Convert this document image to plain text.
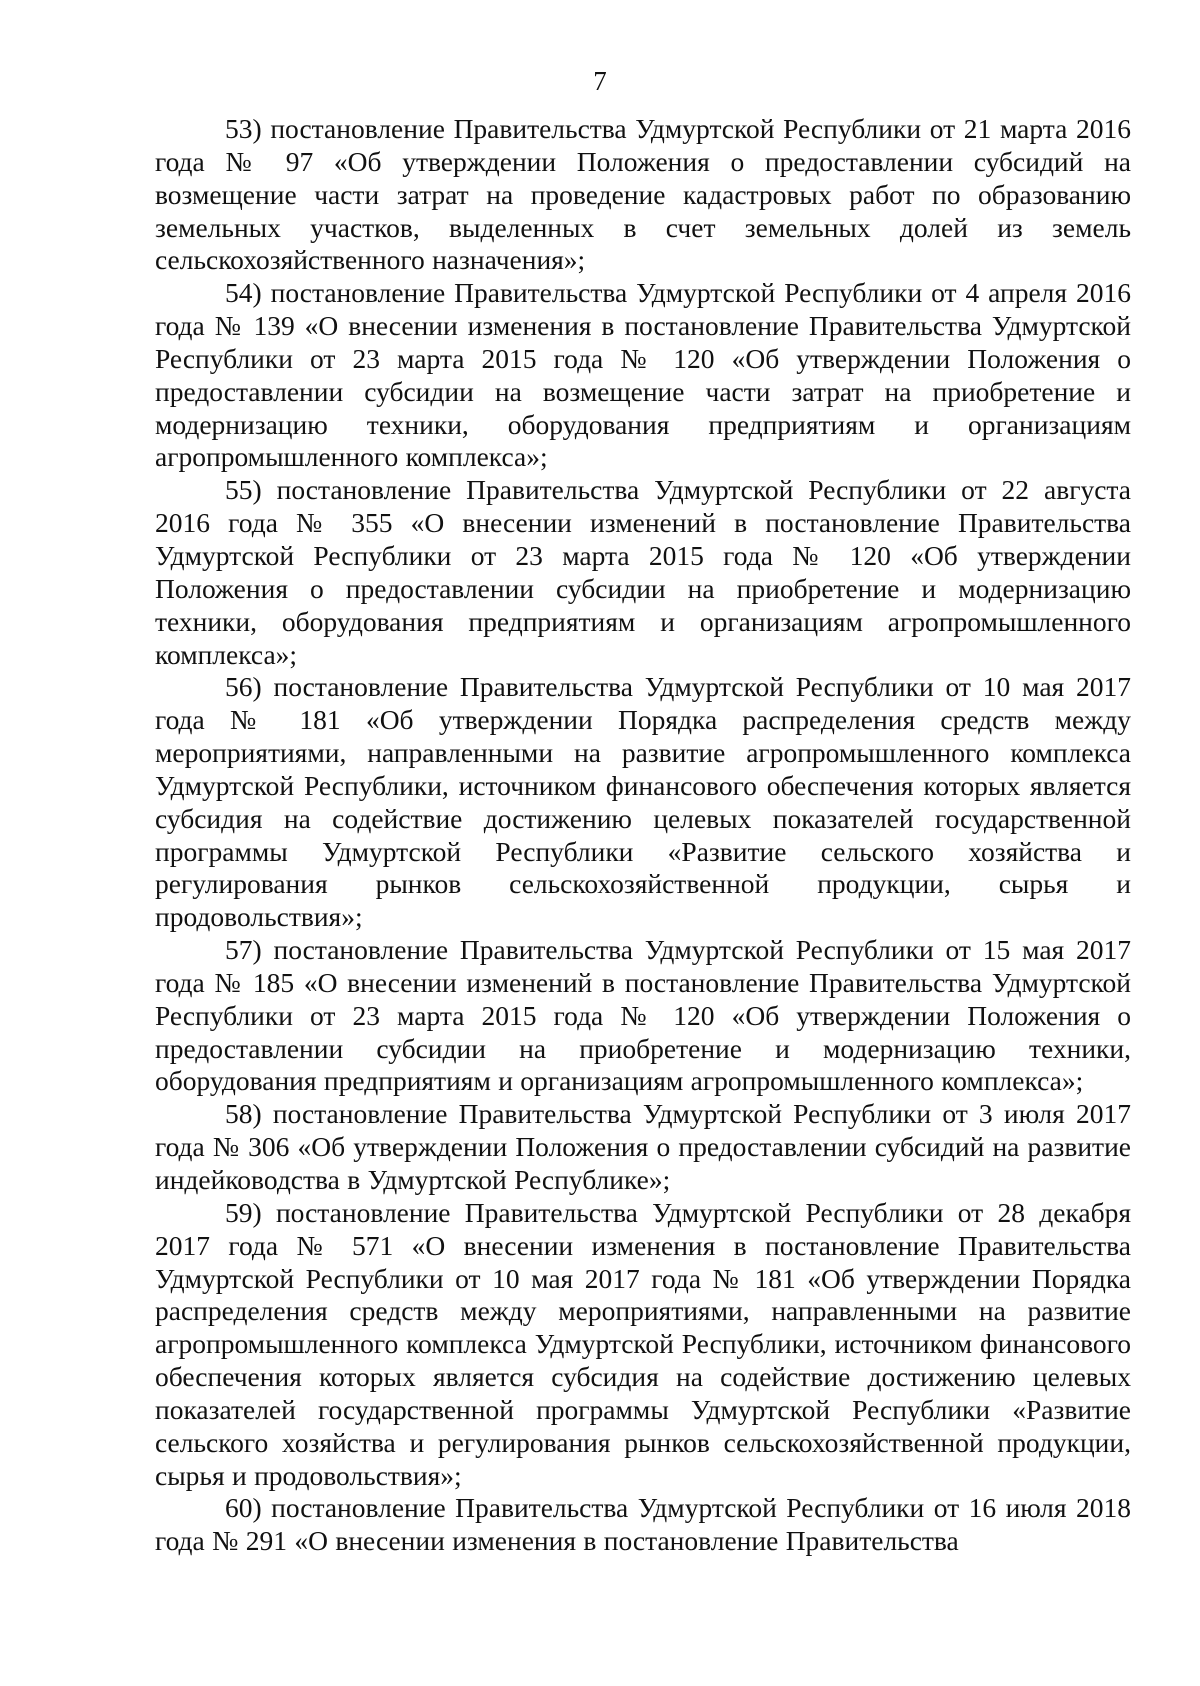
7

53) постановление Правительства Удмуртской Республики от 21 марта 2016 года № 97 «Об утверждении Положения о предоставлении субсидий на возмещение части затрат на проведение кадастровых работ по образованию земельных участков, выделенных в счет земельных долей из земель сельскохозяйственного назначения»;

54) постановление Правительства Удмуртской Республики от 4 апреля 2016 года № 139 «О внесении изменения в постановление Правительства Удмуртской Республики от 23 марта 2015 года № 120 «Об утверждении Положения о предоставлении субсидии на возмещение части затрат на приобретение и модернизацию техники, оборудования предприятиям и организациям агропромышленного комплекса»;

55) постановление Правительства Удмуртской Республики от 22 августа 2016 года № 355 «О внесении изменений в постановление Правительства Удмуртской Республики от 23 марта 2015 года № 120 «Об утверждении Положения о предоставлении субсидии на приобретение и модернизацию техники, оборудования предприятиям и организациям агропромышленного комплекса»;

56) постановление Правительства Удмуртской Республики от 10 мая 2017 года № 181 «Об утверждении Порядка распределения средств между мероприятиями, направленными на развитие агропромышленного комплекса Удмуртской Республики, источником финансового обеспечения которых является субсидия на содействие достижению целевых показателей государственной программы Удмуртской Республики «Развитие сельского хозяйства и регулирования рынков сельскохозяйственной продукции, сырья и продовольствия»;

57) постановление Правительства Удмуртской Республики от 15 мая 2017 года № 185 «О внесении изменений в постановление Правительства Удмуртской Республики от 23 марта 2015 года № 120 «Об утверждении Положения о предоставлении субсидии на приобретение и модернизацию техники, оборудования предприятиям и организациям агропромышленного комплекса»;

58) постановление Правительства Удмуртской Республики от 3 июля 2017 года № 306 «Об утверждении Положения о предоставлении субсидий на развитие индейководства в Удмуртской Республике»;

59) постановление Правительства Удмуртской Республики от 28 декабря 2017 года № 571 «О внесении изменения в постановление Правительства Удмуртской Республики от 10 мая 2017 года № 181 «Об утверждении Порядка распределения средств между мероприятиями, направленными на развитие агропромышленного комплекса Удмуртской Республики, источником финансового обеспечения которых является субсидия на содействие достижению целевых показателей государственной программы Удмуртской Республики «Развитие сельского хозяйства и регулирования рынков сельскохозяйственной продукции, сырья и продовольствия»;

60) постановление Правительства Удмуртской Республики от 16 июля 2018 года № 291 «О внесении изменения в постановление Правительства
